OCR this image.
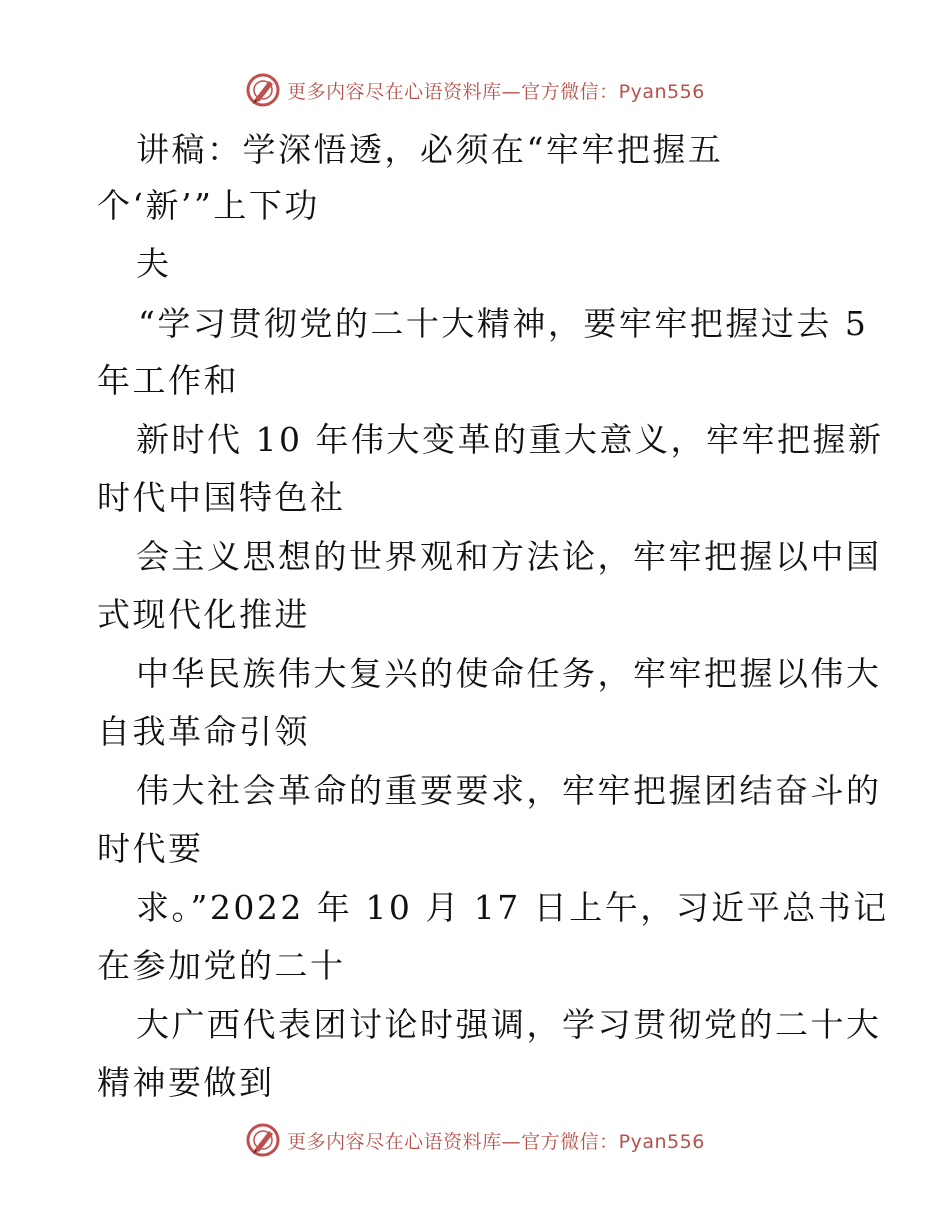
更多内容尽在心语资料库—官方微信：Pyan556
讲稿：学深悟透，必须在“牢牢把握五
个‘新’”上下功
夫
“学习贯彻党的二十大精神，要牢牢把握过去 5
年工作和
新时代 10 年伟大变革的重大意义，牢牢把握新
时代中国特色社
会主义思想的世界观和方法论，牢牢把握以中国
式现代化推进
中华民族伟大复兴的使命任务，牢牢把握以伟大
自我革命引领
伟大社会革命的重要要求，牢牢把握团结奋斗的
时代要
求。”2022 年 10 月 17 日上午，习近平总书记
在参加党的二十
大广西代表团讨论时强调，学习贯彻党的二十大
精神要做到
更多内容尽在心语资料库—官方微信：Pyan556
